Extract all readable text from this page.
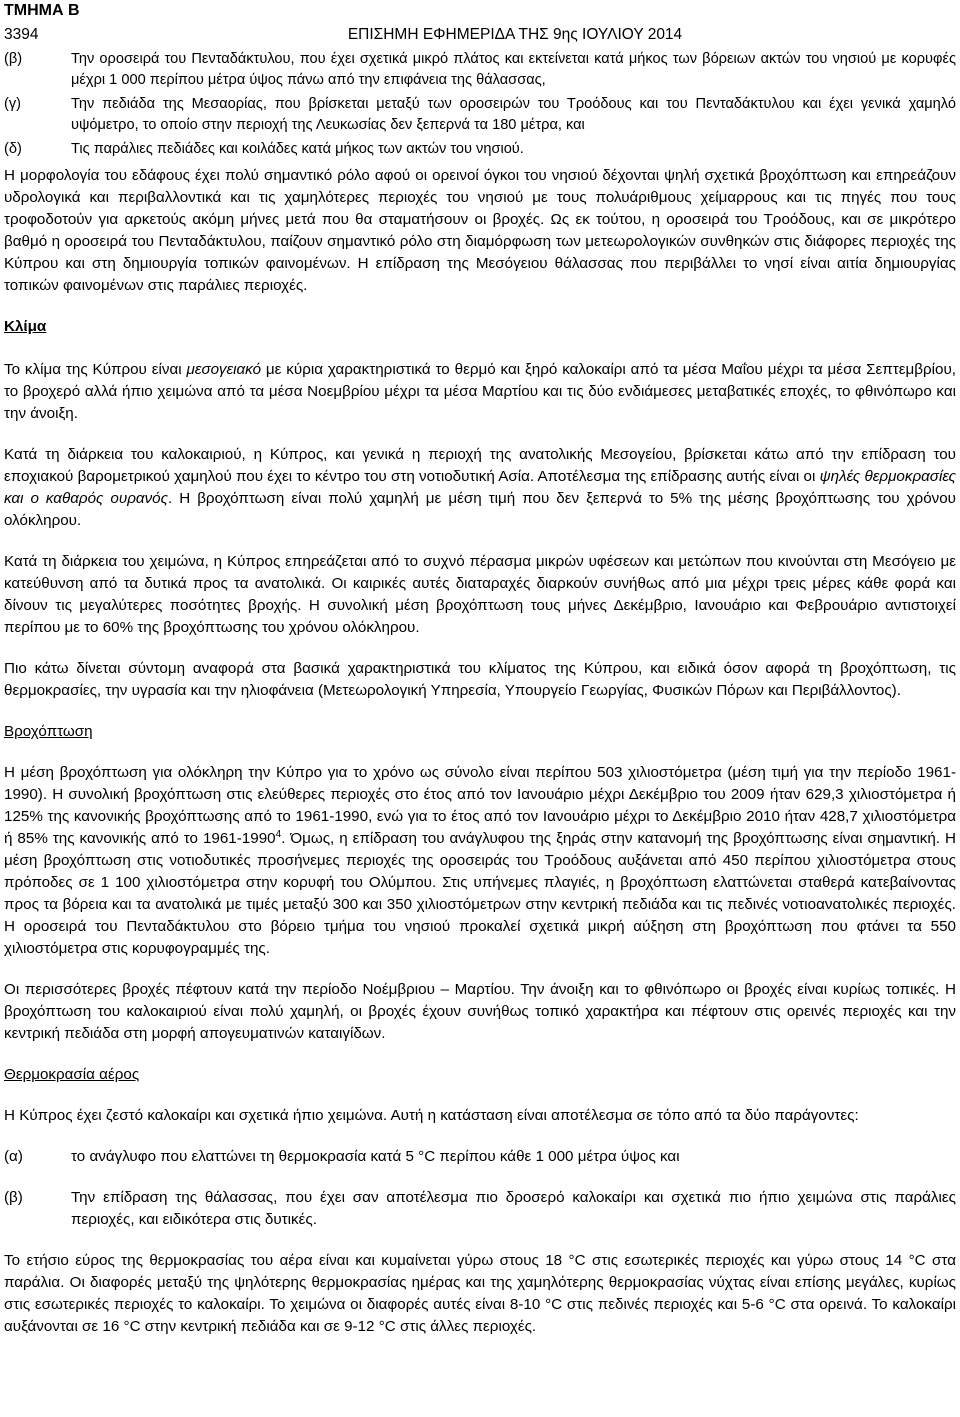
ΤΜΗΜΑ Β
3394	ΕΠΙΣΗΜΗ ΕΦΗΜΕΡΙΔΑ ΤΗΣ 9ης ΙΟΥΛΙΟΥ 2014
(β)	Την οροσειρά του Πενταδάκτυλου, που έχει σχετικά μικρό πλάτος και εκτείνεται κατά μήκος των βόρειων ακτών του νησιού με κορυφές μέχρι 1 000 περίπου μέτρα ύψος πάνω από την επιφάνεια της θάλασσας,
(γ)	Την πεδιάδα της Μεσαορίας, που βρίσκεται μεταξύ των οροσειρών του Τροόδους και του Πενταδάκτυλου και έχει γενικά χαμηλό υψόμετρο, το οποίο στην περιοχή της Λευκωσίας δεν ξεπερνά τα 180 μέτρα, και
(δ)	Τις παράλιες πεδιάδες και κοιλάδες κατά μήκος των ακτών του νησιού.

Η μορφολογία του εδάφους έχει πολύ σημαντικό ρόλο αφού οι ορεινοί όγκοι του νησιού δέχονται ψηλή σχετικά βροχόπτωση και επηρεάζουν υδρολογικά και περιβαλλοντικά και τις χαμηλότερες περιοχές του νησιού με τους πολυάριθμους χείμαρρους και τις πηγές που τους τροφοδοτούν για αρκετούς ακόμη μήνες μετά που θα σταματήσουν οι βροχές. Ως εκ τούτου, η οροσειρά του Τροόδους, και σε μικρότερο βαθμό η οροσειρά του Πενταδάκτυλου, παίζουν σημαντικό ρόλο στη διαμόρφωση των μετεωρολογικών συνθηκών στις διάφορες περιοχές της Κύπρου και στη δημιουργία τοπικών φαινομένων. Η επίδραση της Μεσόγειου θάλασσας που περιβάλλει το νησί είναι αιτία δημιουργίας τοπικών φαινομένων στις παράλιες περιοχές.

Κλίμα

Το κλίμα της Κύπρου είναι μεσογειακό με κύρια χαρακτηριστικά το θερμό και ξηρό καλοκαίρι από τα μέσα Μαΐου μέχρι τα μέσα Σεπτεμβρίου, το βροχερό αλλά ήπιο χειμώνα από τα μέσα Νοεμβρίου μέχρι τα μέσα Μαρτίου και τις δύο ενδιάμεσες μεταβατικές εποχές, το φθινόπωρο και την άνοιξη.

Κατά τη διάρκεια του καλοκαιριού, η Κύπρος, και γενικά η περιοχή της ανατολικής Μεσογείου, βρίσκεται κάτω από την επίδραση του εποχιακού βαρομετρικού χαμηλού που έχει το κέντρο του στη νοτιοδυτική Ασία. Αποτέλεσμα της επίδρασης αυτής είναι οι ψηλές θερμοκρασίες και ο καθαρός ουρανός. Η βροχόπτωση είναι πολύ χαμηλή με μέση τιμή που δεν ξεπερνά το 5% της μέσης βροχόπτωσης του χρόνου ολόκληρου.

Κατά τη διάρκεια του χειμώνα, η Κύπρος επηρεάζεται από το συχνό πέρασμα μικρών υφέσεων και μετώπων που κινούνται στη Μεσόγειο με κατεύθυνση από τα δυτικά προς τα ανατολικά. Οι καιρικές αυτές διαταραχές διαρκούν συνήθως από μια μέχρι τρεις μέρες κάθε φορά και δίνουν τις μεγαλύτερες ποσότητες βροχής. Η συνολική μέση βροχόπτωση τους μήνες Δεκέμβριο, Ιανουάριο και Φεβρουάριο αντιστοιχεί περίπου με το 60% της βροχόπτωσης του χρόνου ολόκληρου.

Πιο κάτω δίνεται σύντομη αναφορά στα βασικά χαρακτηριστικά του κλίματος της Κύπρου, και ειδικά όσον αφορά τη βροχόπτωση, τις θερμοκρασίες, την υγρασία και την ηλιοφάνεια (Μετεωρολογική Υπηρεσία, Υπουργείο Γεωργίας, Φυσικών Πόρων και Περιβάλλοντος).

Βροχόπτωση

Η μέση βροχόπτωση για ολόκληρη την Κύπρο για το χρόνο ως σύνολο είναι περίπου 503 χιλιοστόμετρα (μέση τιμή για την περίοδο 1961-1990). Η συνολική βροχόπτωση στις ελεύθερες περιοχές στο έτος από τον Ιανουάριο μέχρι Δεκέμβριο του 2009 ήταν 629,3 χιλιοστόμετρα ή 125% της κανονικής βροχόπτωσης από το 1961-1990, ενώ για το έτος από τον Ιανουάριο μέχρι το Δεκέμβριο 2010 ήταν 428,7 χιλιοστόμετρα ή 85% της κανονικής από το 1961-1990$^4$. Όμως, η επίδραση του ανάγλυφου της ξηράς στην κατανομή της βροχόπτωσης είναι σημαντική. Η μέση βροχόπτωση στις νοτιοδυτικές προσήνεμες περιοχές της οροσειράς του Τροόδους αυξάνεται από 450 περίπου χιλιοστόμετρα στους πρόποδες σε 1 100 χιλιοστόμετρα στην κορυφή του Ολύμπου. Στις υπήνεμες πλαγιές, η βροχόπτωση ελαττώνεται σταθερά κατεβαίνοντας προς τα βόρεια και τα ανατολικά με τιμές μεταξύ 300 και 350 χιλιοστόμετρων στην κεντρική πεδιάδα και τις πεδινές νοτιοανατολικές περιοχές. Η οροσειρά του Πενταδάκτυλου στο βόρειο τμήμα του νησιού προκαλεί σχετικά μικρή αύξηση στη βροχόπτωση που φτάνει τα 550 χιλιοστόμετρα στις κορυφογραμμές της.

Οι περισσότερες βροχές πέφτουν κατά την περίοδο Νοέμβριου – Μαρτίου. Την άνοιξη και το φθινόπωρο οι βροχές είναι κυρίως τοπικές. Η βροχόπτωση του καλοκαιριού είναι πολύ χαμηλή, οι βροχές έχουν συνήθως τοπικό χαρακτήρα και πέφτουν στις ορεινές περιοχές και την κεντρική πεδιάδα στη μορφή απογευματινών καταιγίδων.

Θερμοκρασία αέρος

Η Κύπρος έχει ζεστό καλοκαίρι και σχετικά ήπιο χειμώνα. Αυτή η κατάσταση είναι αποτέλεσμα σε τόπο από τα δύο παράγοντες:

(α)	το ανάγλυφο που ελαττώνει τη θερμοκρασία κατά 5 °C περίπου κάθε 1 000 μέτρα ύψος και
(β)	Την επίδραση της θάλασσας, που έχει σαν αποτέλεσμα πιο δροσερό καλοκαίρι και σχετικά πιο ήπιο χειμώνα στις παράλιες περιοχές, και ειδικότερα στις δυτικές.

Το ετήσιο εύρος της θερμοκρασίας του αέρα είναι και κυμαίνεται γύρω στους 18 °C στις εσωτερικές περιοχές και γύρω στους 14 °C στα παράλια. Οι διαφορές μεταξύ της ψηλότερης θερμοκρασίας ημέρας και της χαμηλότερης θερμοκρασίας νύχτας είναι επίσης μεγάλες, κυρίως στις εσωτερικές περιοχές το καλοκαίρι. Το χειμώνα οι διαφορές αυτές είναι 8-10 °C στις πεδινές περιοχές και 5-6 °C στα ορεινά. Το καλοκαίρι αυξάνονται σε 16 °C στην κεντρική πεδιάδα και σε 9-12 °C στις άλλες περιοχές.
